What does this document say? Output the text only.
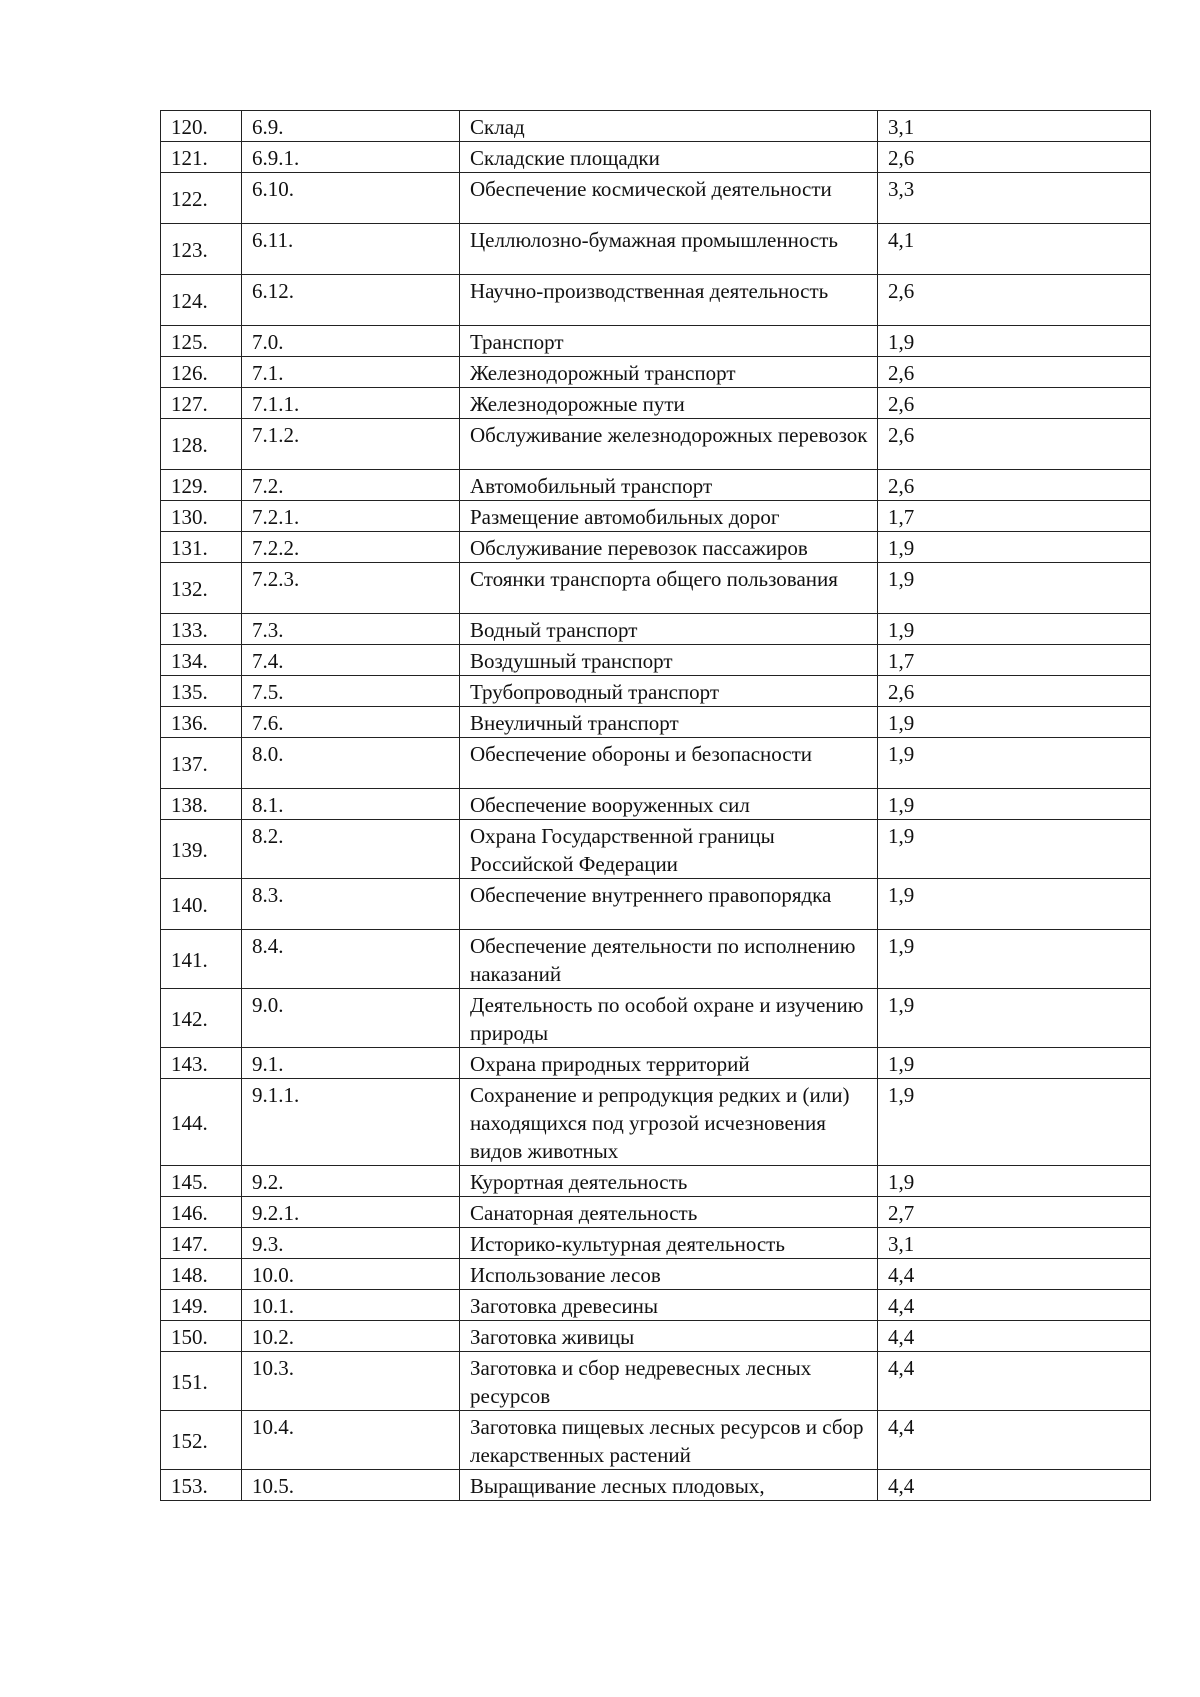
120.	6.9.	Склад	3,1
121.	6.9.1.	Складские площадки	2,6
122.	6.10.	Обеспечение космической деятельности	3,3
123.	6.11.	Целлюлозно-бумажная промышленность	4,1
124.	6.12.	Научно-производственная деятельность	2,6
125.	7.0.	Транспорт	1,9
126.	7.1.	Железнодорожный транспорт	2,6
127.	7.1.1.	Железнодорожные пути	2,6
128.	7.1.2.	Обслуживание железнодорожных перевозок	2,6
129.	7.2.	Автомобильный транспорт	2,6
130.	7.2.1.	Размещение автомобильных дорог	1,7
131.	7.2.2.	Обслуживание перевозок пассажиров	1,9
132.	7.2.3.	Стоянки транспорта общего пользования	1,9
133.	7.3.	Водный транспорт	1,9
134.	7.4.	Воздушный транспорт	1,7
135.	7.5.	Трубопроводный транспорт	2,6
136.	7.6.	Внеуличный транспорт	1,9
137.	8.0.	Обеспечение обороны и безопасности	1,9
138.	8.1.	Обеспечение вооруженных сил	1,9
139.	8.2.	Охрана Государственной границы Российской Федерации	1,9
140.	8.3.	Обеспечение внутреннего правопорядка	1,9
141.	8.4.	Обеспечение деятельности по исполнению наказаний	1,9
142.	9.0.	Деятельность по особой охране и изучению природы	1,9
143.	9.1.	Охрана природных территорий	1,9
144.	9.1.1.	Сохранение и репродукция редких и (или) находящихся под угрозой исчезновения видов животных	1,9
145.	9.2.	Курортная деятельность	1,9
146.	9.2.1.	Санаторная деятельность	2,7
147.	9.3.	Историко-культурная деятельность	3,1
148.	10.0.	Использование лесов	4,4
149.	10.1.	Заготовка древесины	4,4
150.	10.2.	Заготовка живицы	4,4
151.	10.3.	Заготовка и сбор недревесных лесных ресурсов	4,4
152.	10.4.	Заготовка пищевых лесных ресурсов и сбор лекарственных растений	4,4
153.	10.5.	Выращивание лесных плодовых,	4,4
